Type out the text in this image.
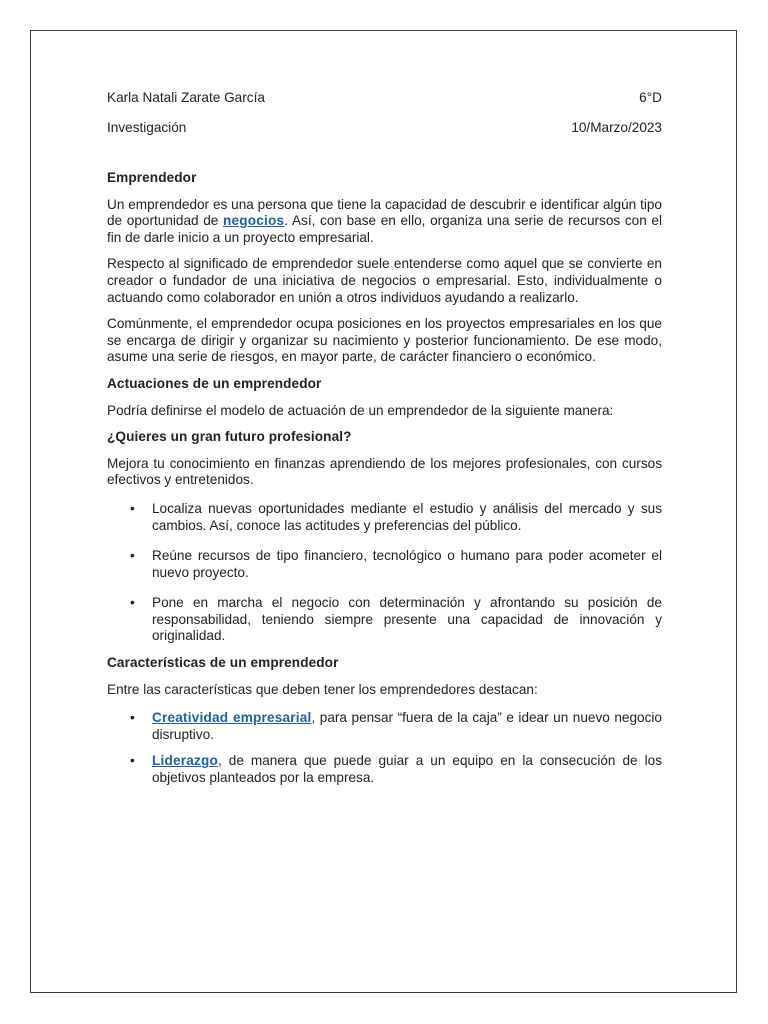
Karla Natali Zarate García	6°D
Investigación	10/Marzo/2023
Emprendedor

Un emprendedor es una persona que tiene la capacidad de descubrir e identificar algún tipo de oportunidad de negocios. Así, con base en ello, organiza una serie de recursos con el fin de darle inicio a un proyecto empresarial.

Respecto al significado de emprendedor suele entenderse como aquel que se convierte en creador o fundador de una iniciativa de negocios o empresarial. Esto, individualmente o actuando como colaborador en unión a otros individuos ayudando a realizarlo.

Comúnmente, el emprendedor ocupa posiciones en los proyectos empresariales en los que se encarga de dirigir y organizar su nacimiento y posterior funcionamiento. De ese modo, asume una serie de riesgos, en mayor parte, de carácter financiero o económico.

Actuaciones de un emprendedor

Podría definirse el modelo de actuación de un emprendedor de la siguiente manera:

¿Quieres un gran futuro profesional?

Mejora tu conocimiento en finanzas aprendiendo de los mejores profesionales, con cursos efectivos y entretenidos.

• Localiza nuevas oportunidades mediante el estudio y análisis del mercado y sus cambios. Así, conoce las actitudes y preferencias del público.
• Reúne recursos de tipo financiero, tecnológico o humano para poder acometer el nuevo proyecto.
• Pone en marcha el negocio con determinación y afrontando su posición de responsabilidad, teniendo siempre presente una capacidad de innovación y originalidad.
Características de un emprendedor

Entre las características que deben tener los emprendedores destacan:

• Creatividad empresarial, para pensar “fuera de la caja” e idear un nuevo negocio disruptivo.
• Liderazgo, de manera que puede guiar a un equipo en la consecución de los objetivos planteados por la empresa.
